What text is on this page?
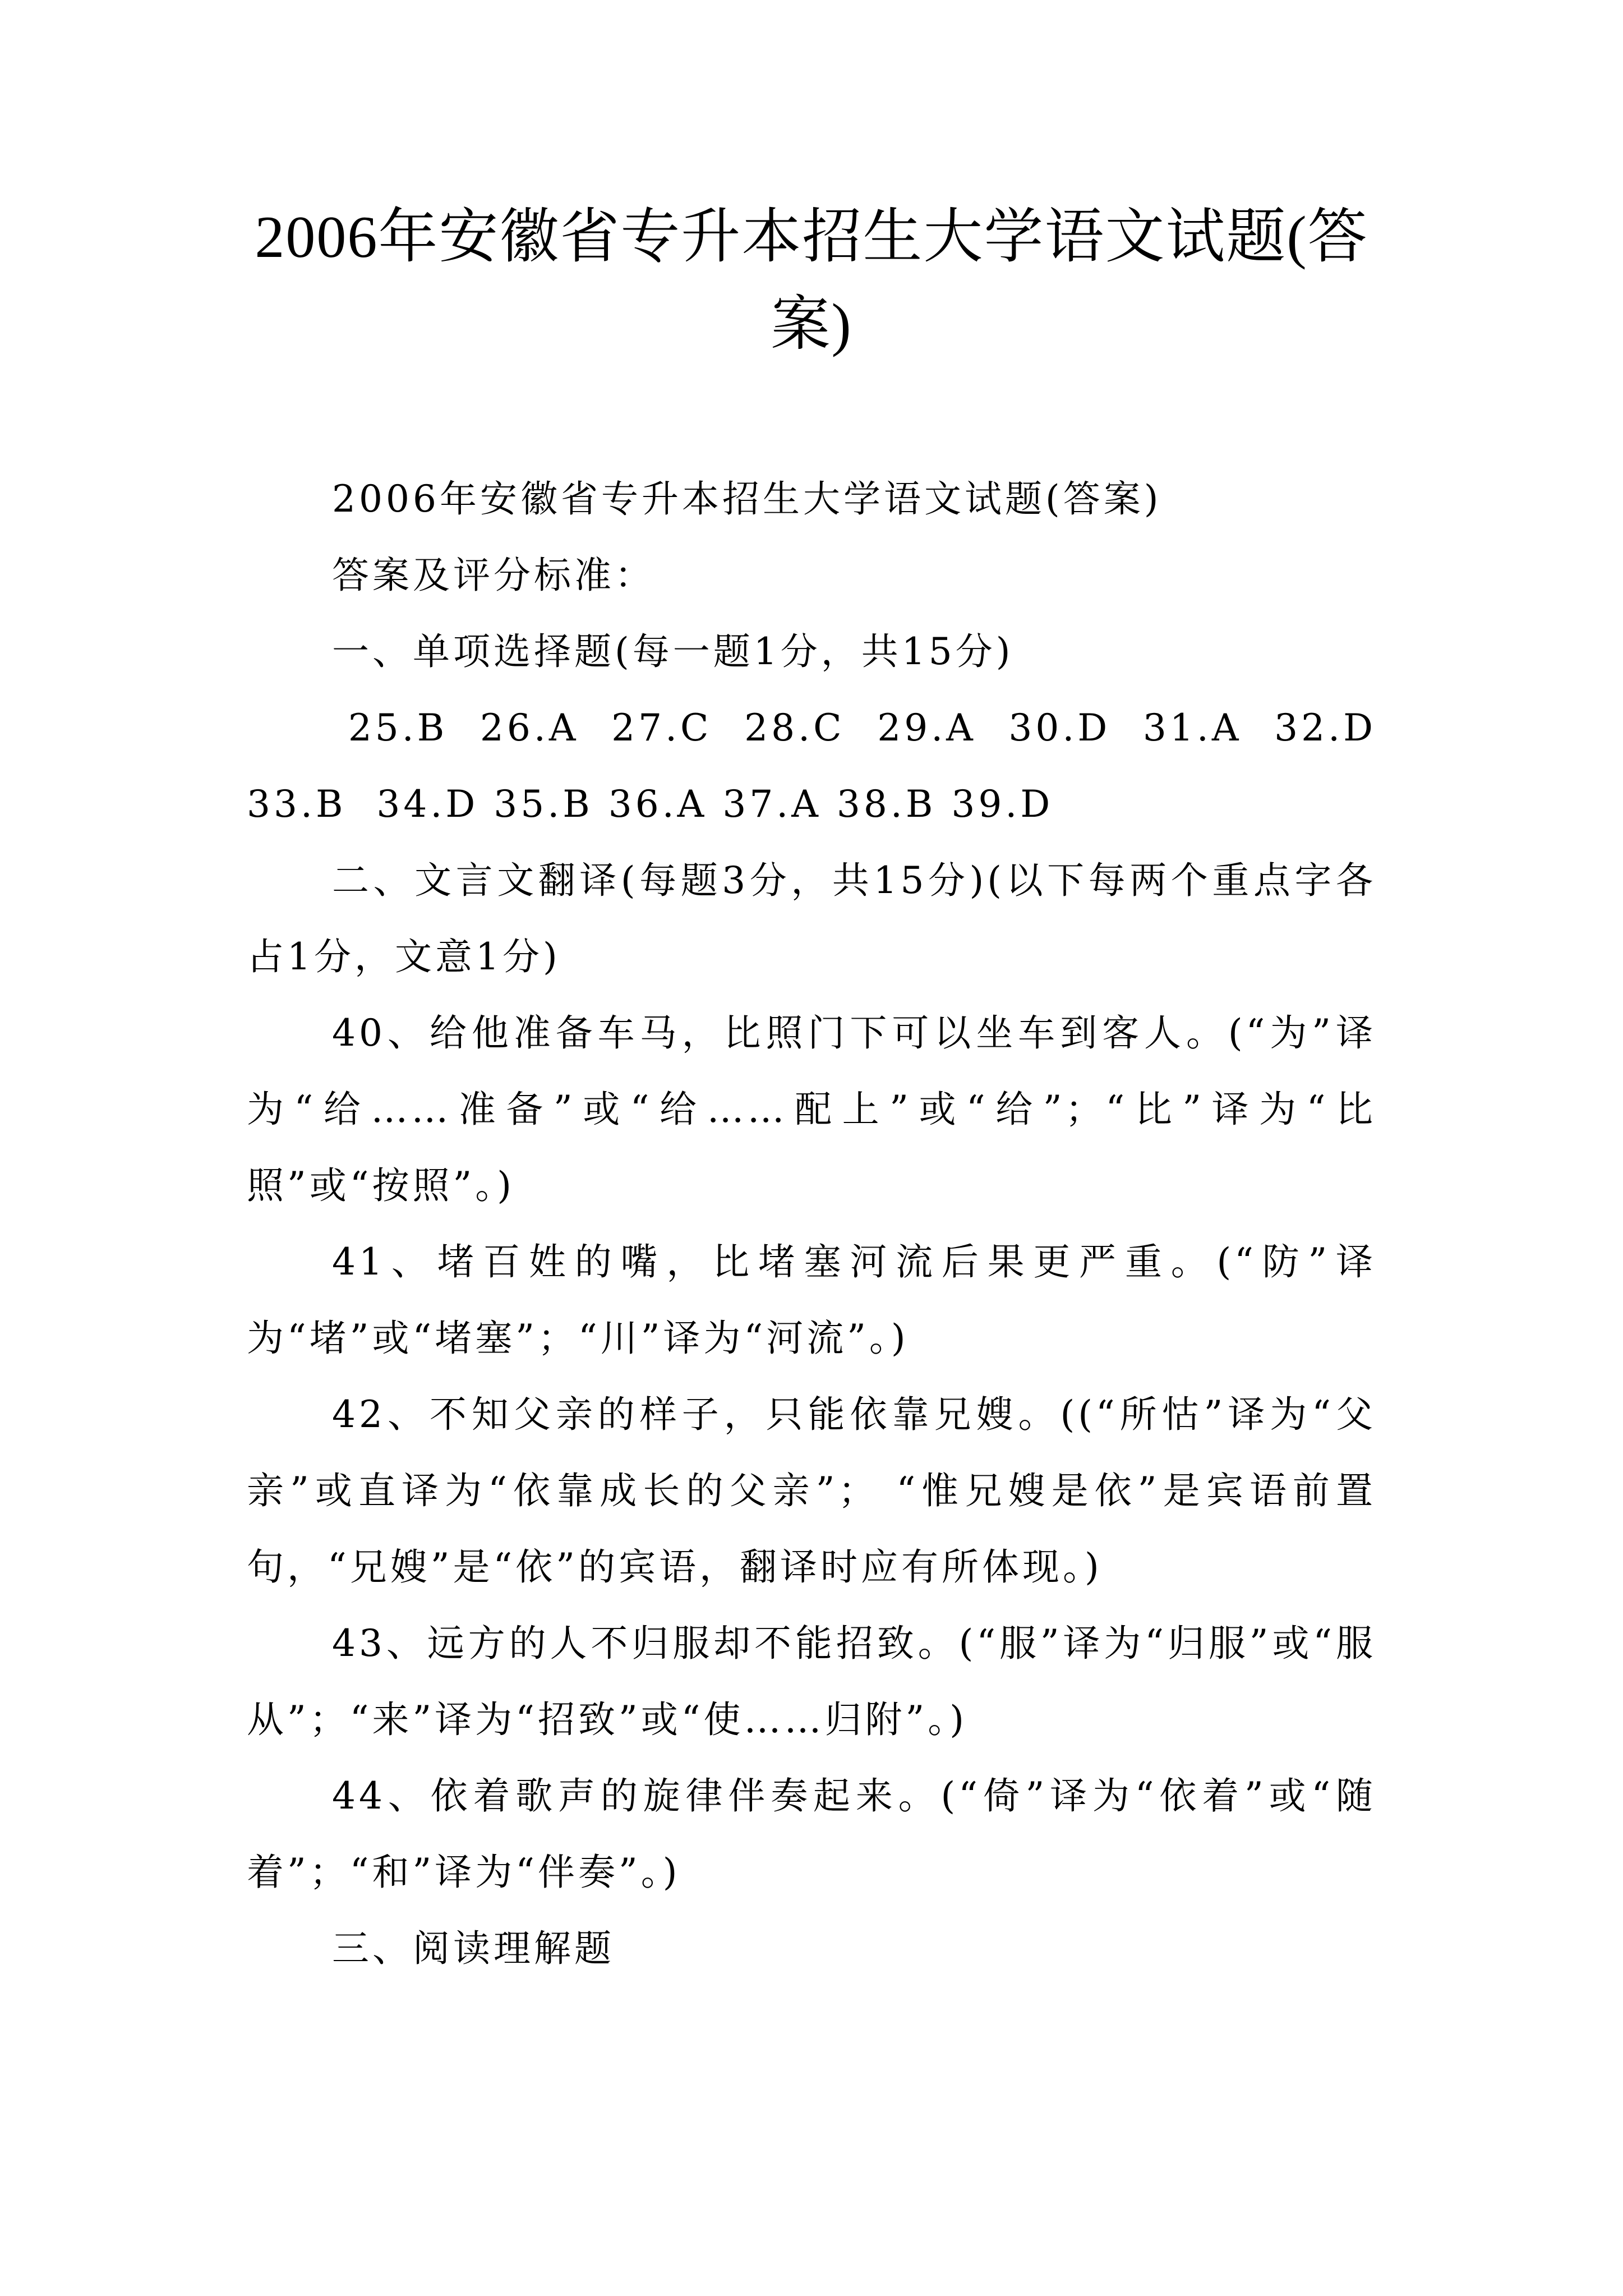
2006年安徽省专升本招生大学语文试题(答案)

2006年安徽省专升本招生大学语文试题(答案)

答案及评分标准：

一、单项选择题(每一题1分，共15分)

25.B  26.A  27.C  28.C  29.A  30.D  31.A  32.D  33.B  34.D 35.B 36.A 37.A 38.B 39.D

二、文言文翻译(每题3分，共15分)(以下每两个重点字各占1分，文意1分)

40、给他准备车马，比照门下可以坐车到客人。(“为”译为“给……准备”或“给……配上”或“给”；“比”译为“比照”或“按照”。)

41、堵百姓的嘴，比堵塞河流后果更严重。(“防”译为“堵”或“堵塞”；“川”译为“河流”。)

42、不知父亲的样子，只能依靠兄嫂。((“所怙”译为“父亲”或直译为“依靠成长的父亲”； “惟兄嫂是依”是宾语前置句，“兄嫂”是“依”的宾语，翻译时应有所体现。)

43、远方的人不归服却不能招致。(“服”译为“归服”或“服从”；“来”译为“招致”或“使……归附”。)

44、依着歌声的旋律伴奏起来。(“倚”译为“依着”或“随着”；“和”译为“伴奏”。)

三、阅读理解题
